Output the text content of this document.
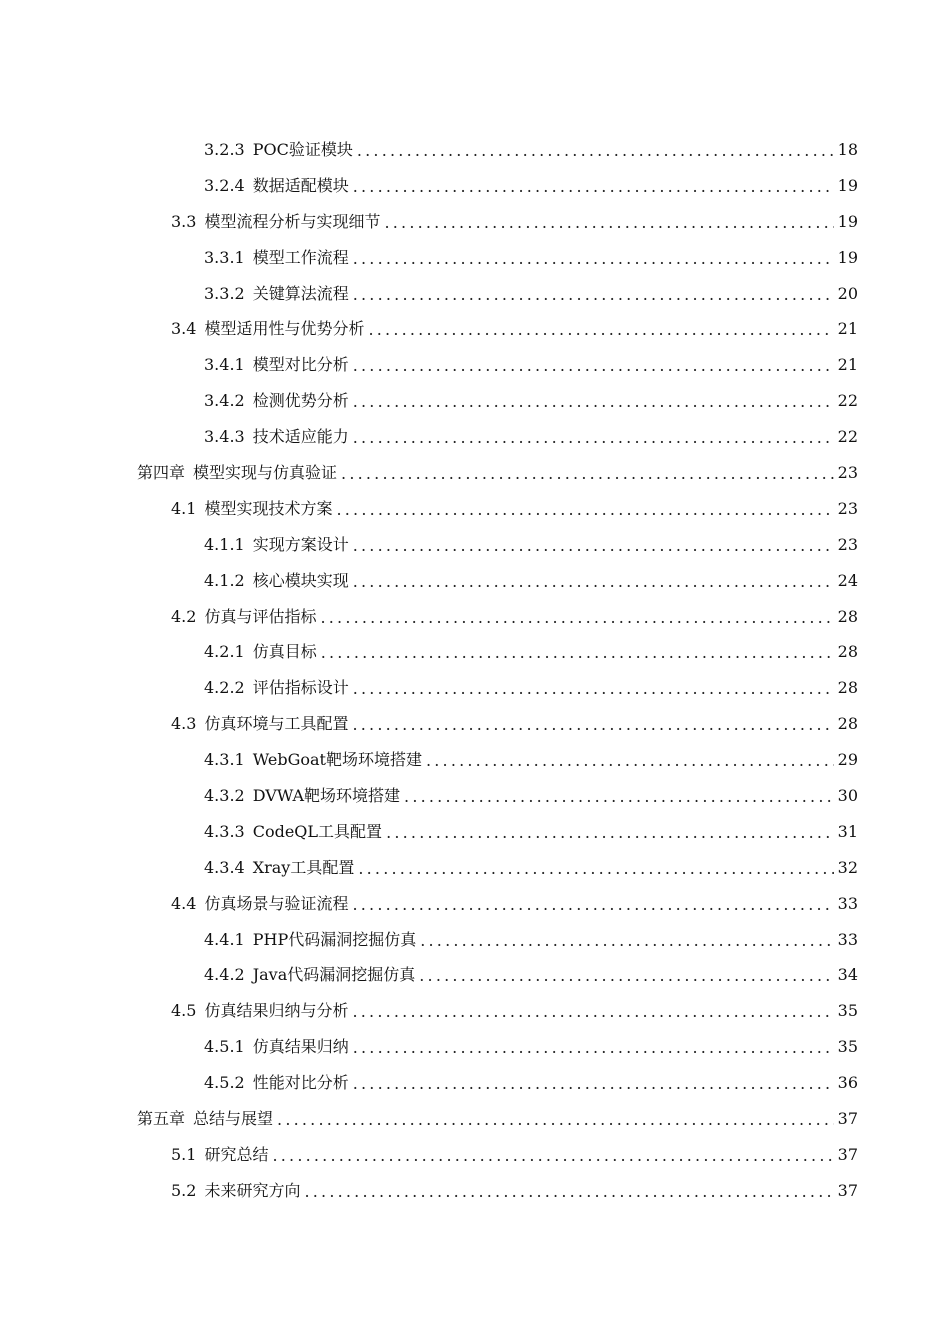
3.2.3 POC验证模块 .....	18
3.2.4 数据适配模块 .....	19
3.3 模型流程分析与实现细节 .....	19
3.3.1 模型工作流程 .....	19
3.3.2 关键算法流程 .....	20
3.4 模型适用性与优势分析 .....	21
3.4.1 模型对比分析 .....	21
3.4.2 检测优势分析 .....	22
3.4.3 技术适应能力 .....	22
第四章 模型实现与仿真验证 .....	23
4.1 模型实现技术方案 .....	23
4.1.1 实现方案设计 .....	23
4.1.2 核心模块实现 .....	24
4.2 仿真与评估指标 .....	28
4.2.1 仿真目标 .....	28
4.2.2 评估指标设计 .....	28
4.3 仿真环境与工具配置 .....	28
4.3.1 WebGoat靶场环境搭建 .....	29
4.3.2 DVWA靶场环境搭建 .....	30
4.3.3 CodeQL工具配置 .....	31
4.3.4 Xray工具配置 .....	32
4.4 仿真场景与验证流程 .....	33
4.4.1 PHP代码漏洞挖掘仿真 .....	33
4.4.2 Java代码漏洞挖掘仿真 .....	34
4.5 仿真结果归纳与分析 .....	35
4.5.1 仿真结果归纳 .....	35
4.5.2 性能对比分析 .....	36
第五章 总结与展望 .....	37
5.1 研究总结 .....	37
5.2 未来研究方向 .....	37
